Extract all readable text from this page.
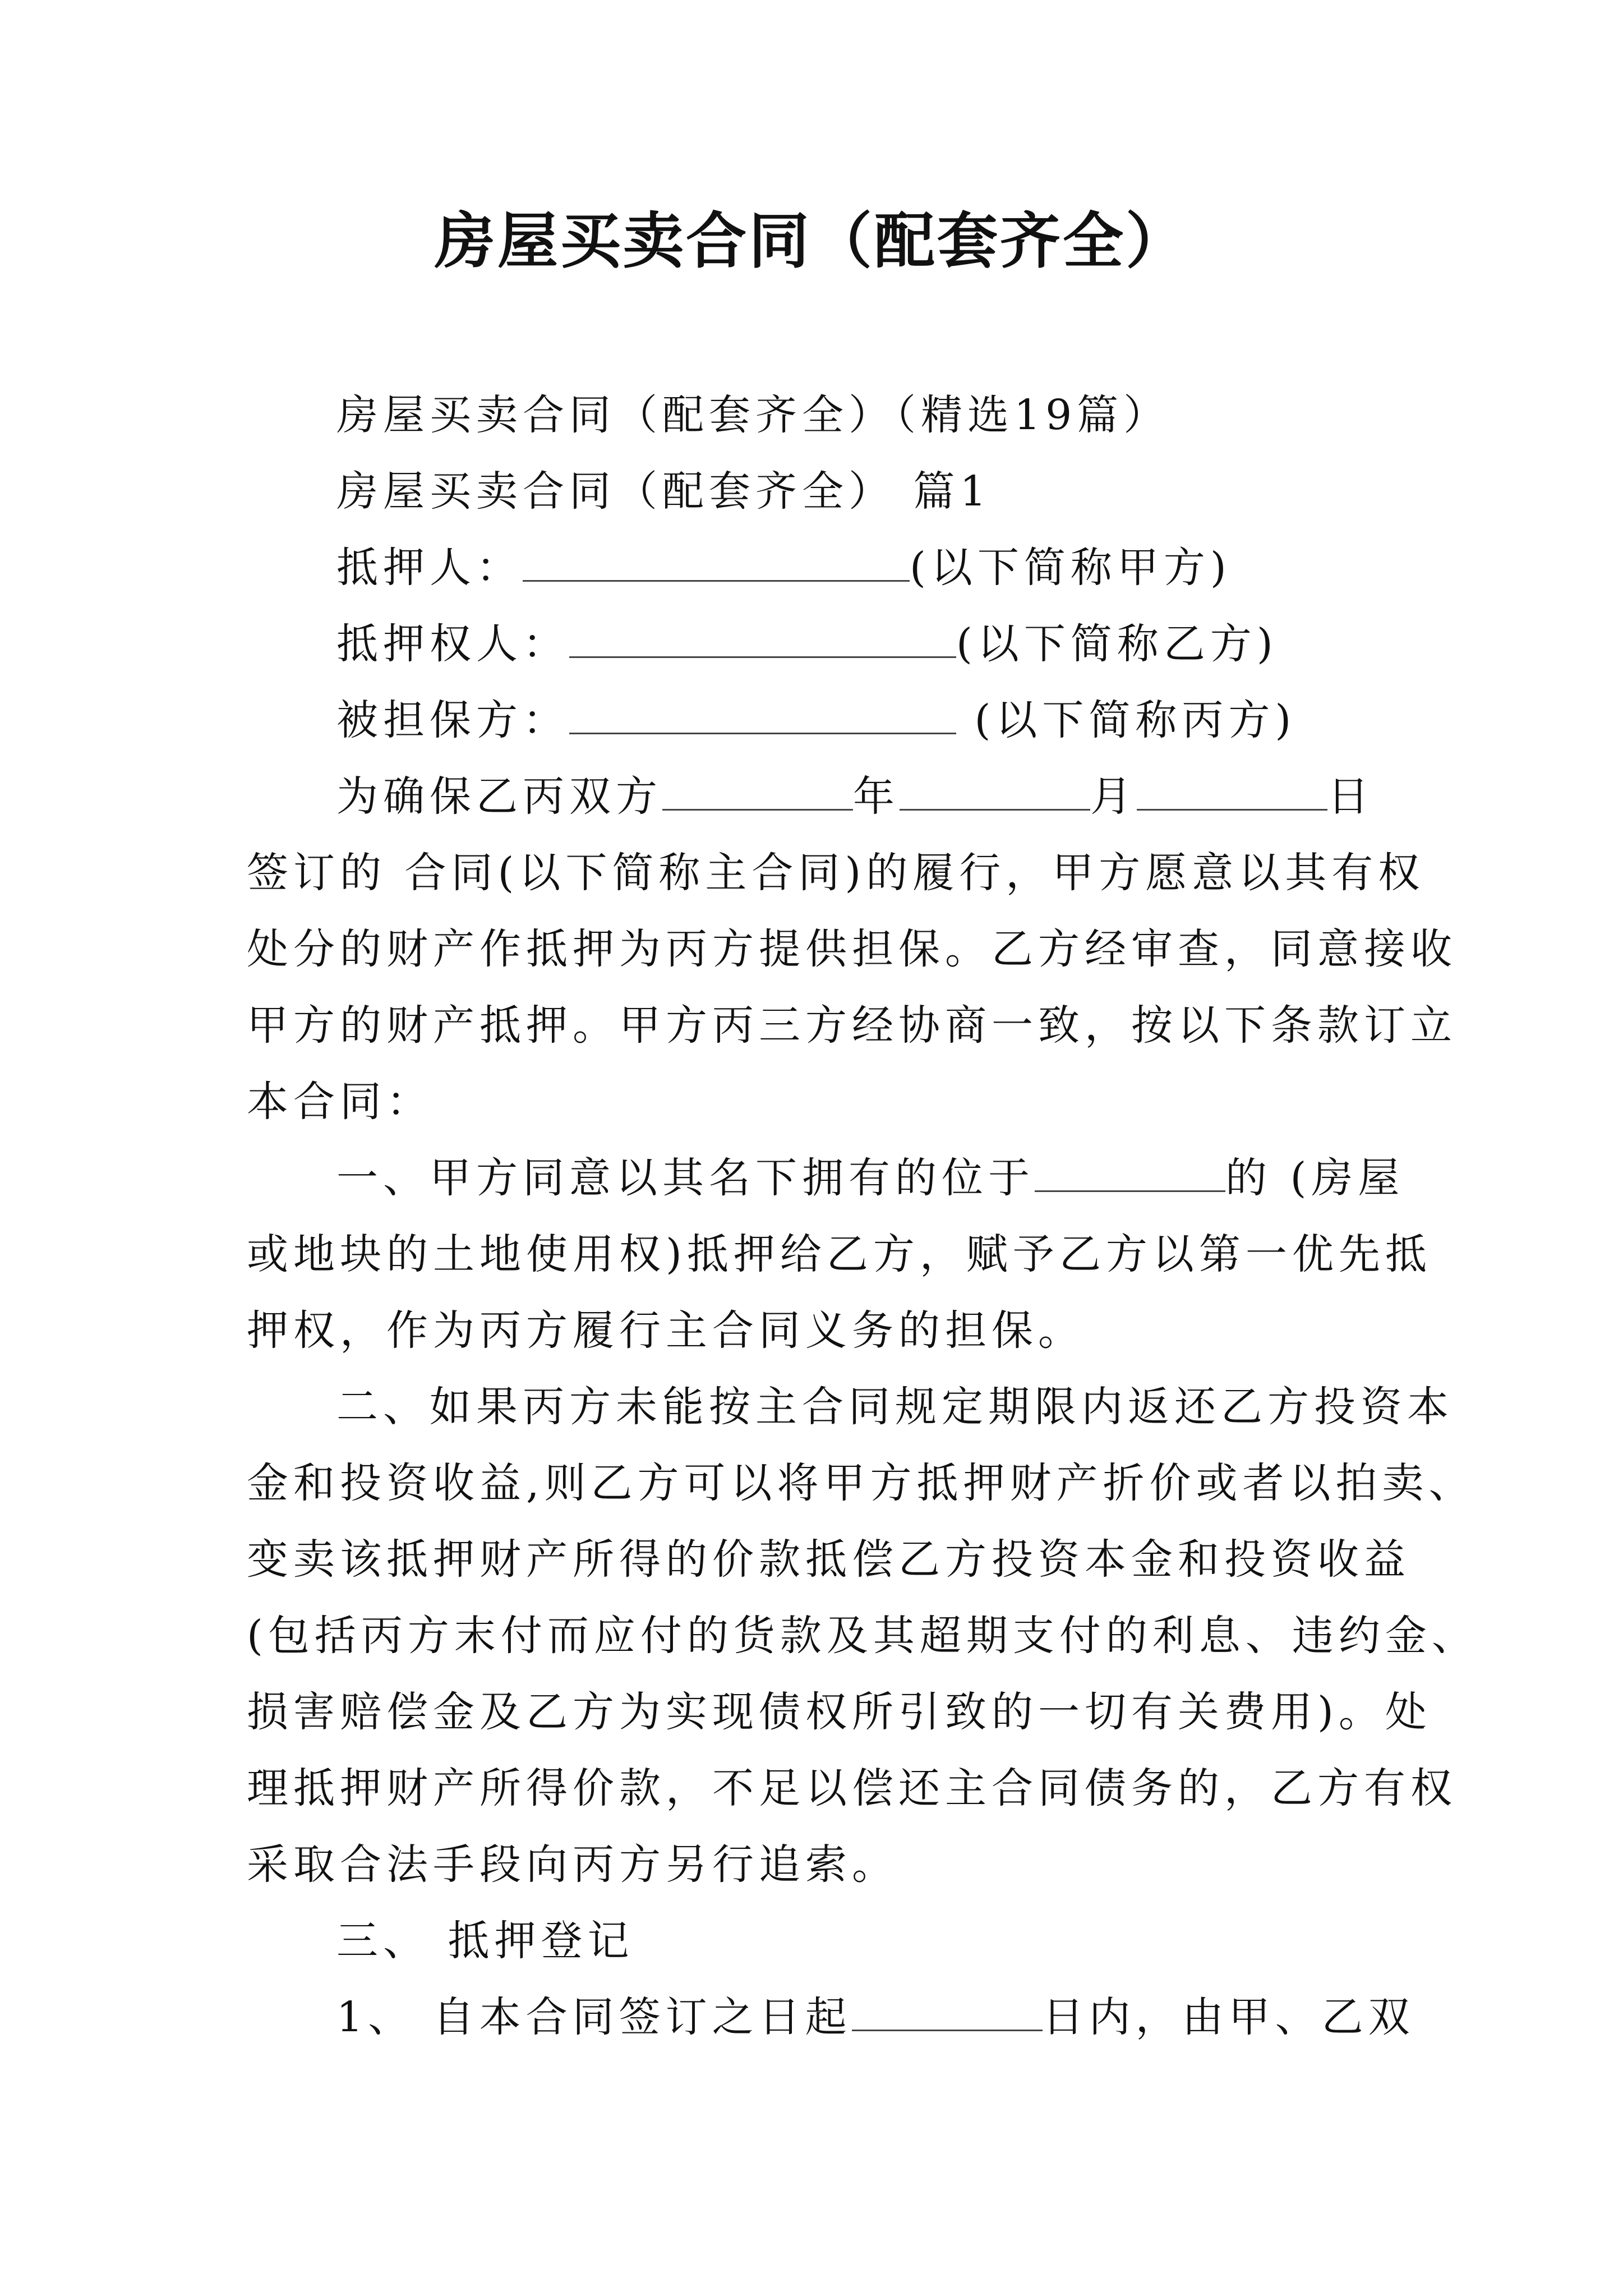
房屋买卖合同（配套齐全）
房屋买卖合同（配套齐全）（精选19篇）
房屋买卖合同（配套齐全） 篇1
抵押人：	(以下简称甲方)
抵押权人：	(以下简称乙方)
被担保方：	(以下简称丙方)
为确保乙丙双方	年	月	日
签订的 合同(以下简称主合同)的履行，甲方愿意以其有权
处分的财产作抵押为丙方提供担保。乙方经审查，同意接收
甲方的财产抵押。甲方丙三方经协商一致，按以下条款订立
本合同：
一、甲方同意以其名下拥有的位于	的 (房屋
或地块的土地使用权)抵押给乙方，赋予乙方以第一优先抵
押权，作为丙方履行主合同义务的担保。
二、如果丙方未能按主合同规定期限内返还乙方投资本
金和投资收益,则乙方可以将甲方抵押财产折价或者以拍卖、
变卖该抵押财产所得的价款抵偿乙方投资本金和投资收益
(包括丙方末付而应付的货款及其超期支付的利息、违约金、
损害赔偿金及乙方为实现债权所引致的一切有关费用)。处
理抵押财产所得价款，不足以偿还主合同债务的，乙方有权
采取合法手段向丙方另行追索。
三、 抵押登记
1、 自本合同签订之日起	日内，由甲、乙双
